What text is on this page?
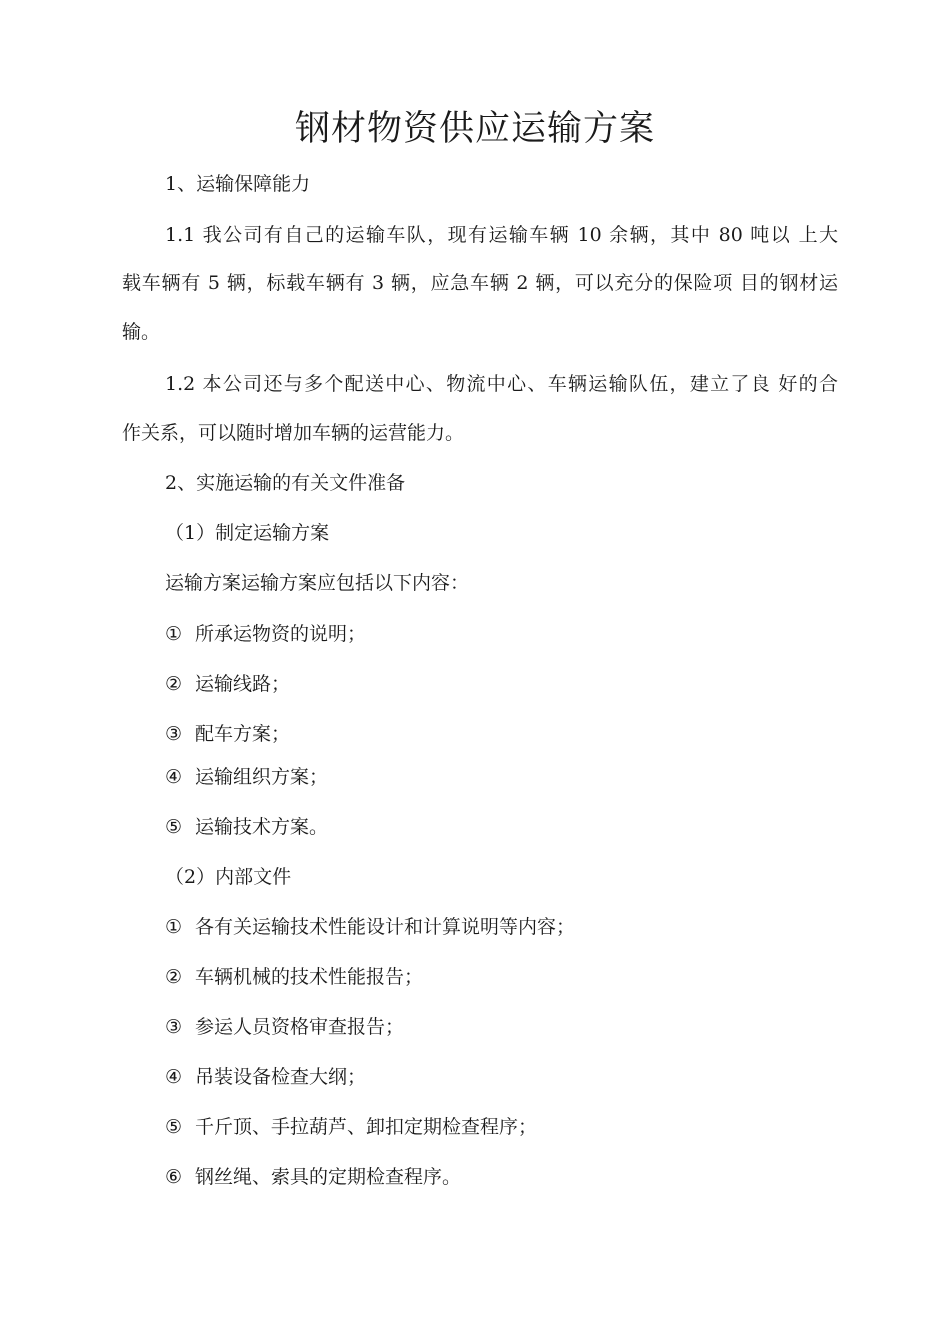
钢材物资供应运输方案
1、运输保障能力
1.1 我公司有自己的运输车队，现有运输车辆 10 余辆，其中 80 吨以 上大
载车辆有 5 辆，标载车辆有 3 辆，应急车辆 2 辆，可以充分的保险项 目的钢材运
输。
1.2 本公司还与多个配送中心、物流中心、车辆运输队伍，建立了良 好的合
作关系，可以随时增加车辆的运营能力。
2、实施运输的有关文件准备
（1）制定运输方案
运输方案运输方案应包括以下内容：
① 所承运物资的说明；
② 运输线路；
③ 配车方案；
④ 运输组织方案；
⑤ 运输技术方案。
（2）内部文件
① 各有关运输技术性能设计和计算说明等内容；
② 车辆机械的技术性能报告；
③ 参运人员资格审查报告；
④ 吊装设备检查大纲；
⑤ 千斤顶、手拉葫芦、卸扣定期检查程序；
⑥ 钢丝绳、索具的定期检查程序。
